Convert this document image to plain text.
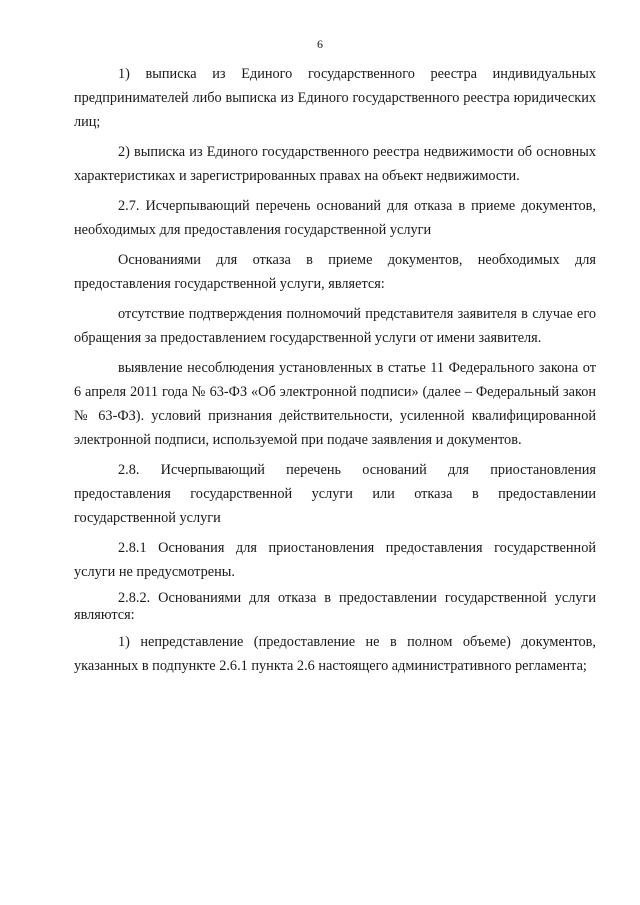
6

1) выписка из Единого государственного реестра индивидуальных предпринимателей либо выписка из Единого государственного реестра юридических лиц;

2) выписка из Единого государственного реестра недвижимости об основных характеристиках и зарегистрированных правах на объект недвижимости.

2.7. Исчерпывающий перечень оснований для отказа в приеме документов, необходимых для предоставления государственной услуги

Основаниями для отказа в приеме документов, необходимых для предоставления государственной услуги, является:

отсутствие подтверждения полномочий представителя заявителя в случае его обращения за предоставлением государственной услуги от имени заявителя.

выявление несоблюдения установленных в статье 11 Федерального закона от 6 апреля 2011 года № 63-ФЗ «Об электронной подписи» (далее – Федеральный закон № 63-ФЗ). условий признания действительности, усиленной квалифицированной электронной подписи, используемой при подаче заявления и документов.

2.8. Исчерпывающий перечень оснований для приостановления предоставления государственной услуги или отказа в предоставлении государственной услуги

2.8.1 Основания для приостановления предоставления государственной услуги не предусмотрены.

2.8.2. Основаниями для отказа в предоставлении государственной услуги являются:

1) непредставление (предоставление не в полном объеме) документов, указанных в подпункте 2.6.1 пункта 2.6 настоящего административного регламента;
